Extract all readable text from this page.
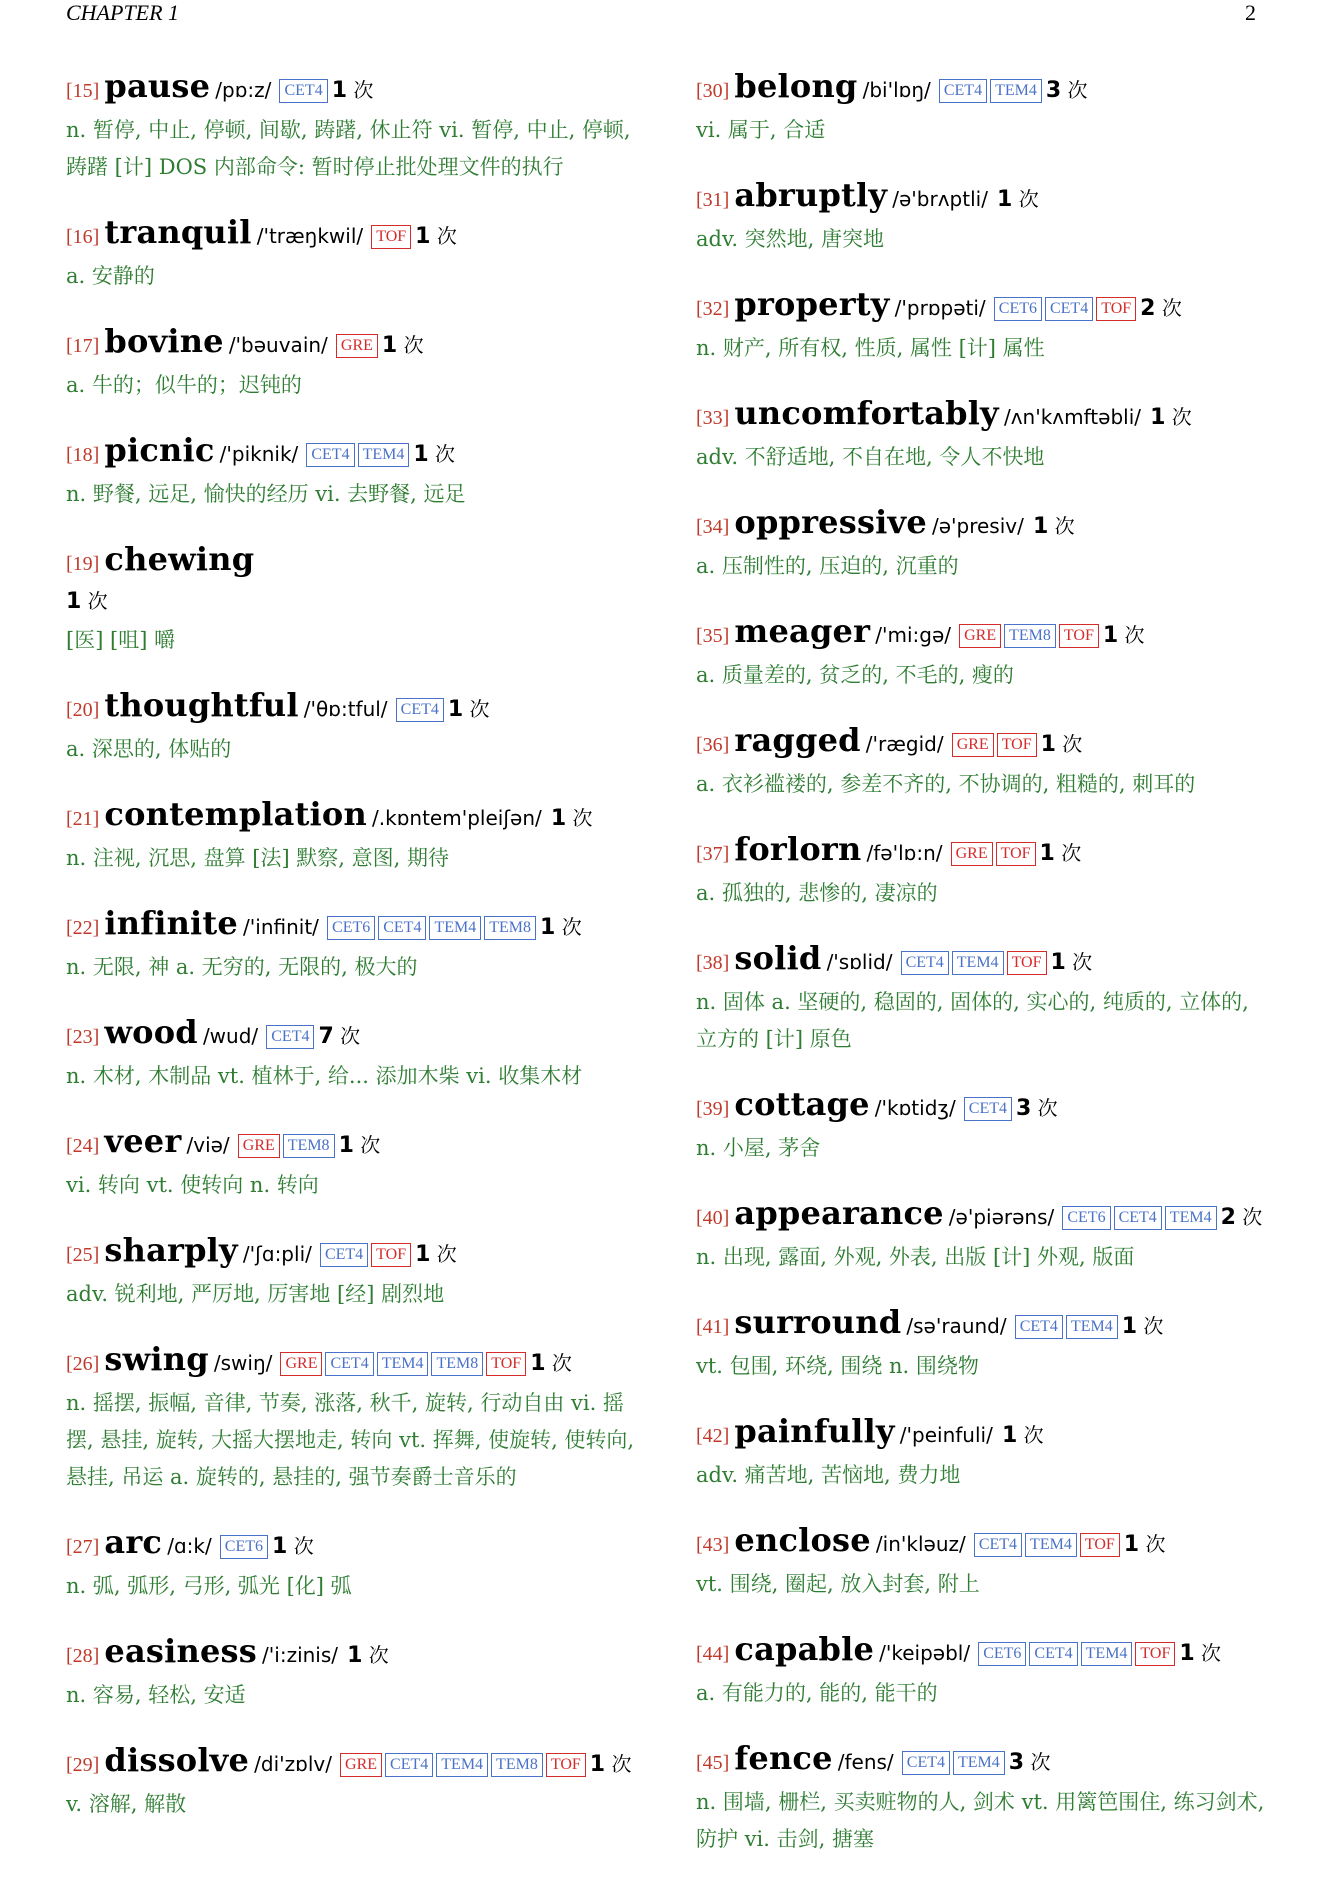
CHAPTER 1	2
[15] pause /pɒ:z/ CET4 1 次
n. 暂停, 中止, 停顿, 间歇, 踌躇, 休止符 vi. 暂停, 中止, 停顿, 踌躇 [计] DOS 内部命令: 暂时停止批处理文件的执行
[16] tranquil /'træŋkwil/ TOF 1 次
a. 安静的
[17] bovine /'bəuvain/ GRE 1 次
a. 牛的；似牛的；迟钝的
[18] picnic /'piknik/ CET4 TEM4 1 次
n. 野餐, 远足, 愉快的经历 vi. 去野餐, 远足
[19] chewing
1 次
[医] [咀] 嚼
[20] thoughtful /'θɒ:tful/ CET4 1 次
a. 深思的, 体贴的
[21] contemplation /.kɒntem'pleiʃən/ 1 次
n. 注视, 沉思, 盘算 [法] 默察, 意图, 期待
[22] infinite /'infinit/ CET6 CET4 TEM4 TEM8 1 次
n. 无限, 神 a. 无穷的, 无限的, 极大的
[23] wood /wud/ CET4 7 次
n. 木材, 木制品 vt. 植林于, 给... 添加木柴 vi. 收集木材
[24] veer /viə/ GRE TEM8 1 次
vi. 转向 vt. 使转向 n. 转向
[25] sharply /'ʃɑ:pli/ CET4 TOF 1 次
adv. 锐利地, 严厉地, 厉害地 [经] 剧烈地
[26] swing /swiŋ/ GRE CET4 TEM4 TEM8 TOF 1 次
n. 摇摆, 振幅, 音律, 节奏, 涨落, 秋千, 旋转, 行动自由 vi. 摇摆, 悬挂, 旋转, 大摇大摆地走, 转向 vt. 挥舞, 使旋转, 使转向, 悬挂, 吊运 a. 旋转的, 悬挂的, 强节奏爵士音乐的
[27] arc /ɑ:k/ CET6 1 次
n. 弧, 弧形, 弓形, 弧光 [化] 弧
[28] easiness /'i:zinis/ 1 次
n. 容易, 轻松, 安适
[29] dissolve /di'zɒlv/ GRE CET4 TEM4 TEM8 TOF 1 次
v. 溶解, 解散
[30] belong /bi'lɒŋ/ CET4 TEM4 3 次
vi. 属于, 合适
[31] abruptly /ə'brʌptli/ 1 次
adv. 突然地, 唐突地
[32] property /'prɒpəti/ CET6 CET4 TOF 2 次
n. 财产, 所有权, 性质, 属性 [计] 属性
[33] uncomfortably /ʌn'kʌmftəbli/ 1 次
adv. 不舒适地, 不自在地, 令人不快地
[34] oppressive /ə'presiv/ 1 次
a. 压制性的, 压迫的, 沉重的
[35] meager /'mi:gə/ GRE TEM8 TOF 1 次
a. 质量差的, 贫乏的, 不毛的, 瘦的
[36] ragged /'rægid/ GRE TOF 1 次
a. 衣衫褴褛的, 参差不齐的, 不协调的, 粗糙的, 刺耳的
[37] forlorn /fə'lɒ:n/ GRE TOF 1 次
a. 孤独的, 悲惨的, 凄凉的
[38] solid /'sɒlid/ CET4 TEM4 TOF 1 次
n. 固体 a. 坚硬的, 稳固的, 固体的, 实心的, 纯质的, 立体的, 立方的 [计] 原色
[39] cottage /'kɒtidʒ/ CET4 3 次
n. 小屋, 茅舍
[40] appearance /ə'piərəns/ CET6 CET4 TEM4 2 次
n. 出现, 露面, 外观, 外表, 出版 [计] 外观, 版面
[41] surround /sə'raund/ CET4 TEM4 1 次
vt. 包围, 环绕, 围绕 n. 围绕物
[42] painfully /'peinfuli/ 1 次
adv. 痛苦地, 苦恼地, 费力地
[43] enclose /in'kləuz/ CET4 TEM4 TOF 1 次
vt. 围绕, 圈起, 放入封套, 附上
[44] capable /'keipəbl/ CET6 CET4 TEM4 TOF 1 次
a. 有能力的, 能的, 能干的
[45] fence /fens/ CET4 TEM4 3 次
n. 围墙, 栅栏, 买卖赃物的人, 剑术 vt. 用篱笆围住, 练习剑术, 防护 vi. 击剑, 搪塞
